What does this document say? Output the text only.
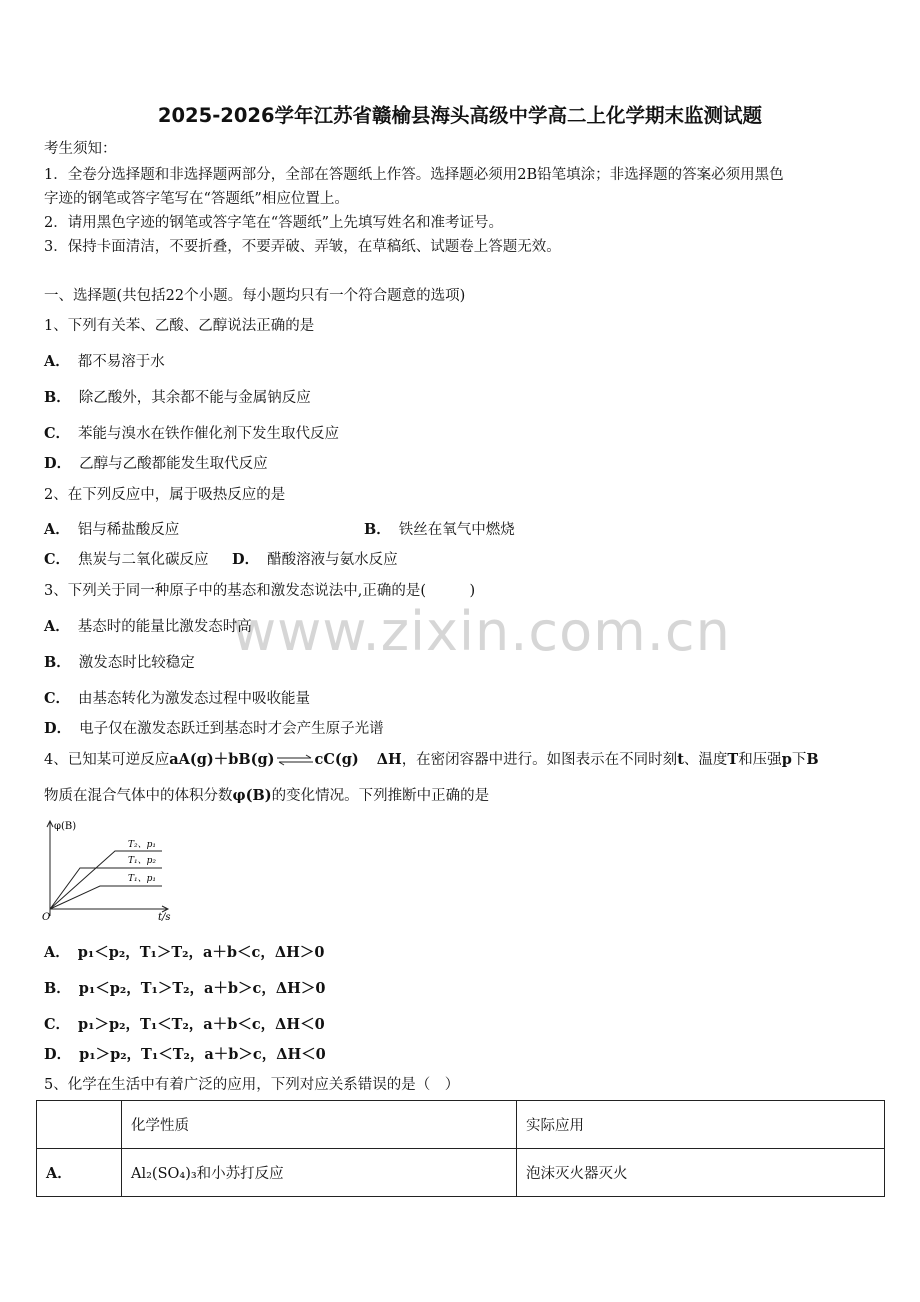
2025-2026学年江苏省赣榆县海头高级中学高二上化学期末监测试题
考生须知：
1．全卷分选择题和非选择题两部分，全部在答题纸上作答。选择题必须用2B铅笔填涂；非选择题的答案必须用黑色
字迹的钢笔或答字笔写在“答题纸”相应位置上。
2．请用黑色字迹的钢笔或答字笔在“答题纸”上先填写姓名和准考证号。
3．保持卡面清洁，不要折叠，不要弄破、弄皱，在草稿纸、试题卷上答题无效。
一、选择题(共包括22个小题。每小题均只有一个符合题意的选项)
www.zixin.com.cn
1、下列有关苯、乙酸、乙醇说法正确的是
A． 都不易溶于水
B． 除乙酸外，其余都不能与金属钠反应
C． 苯能与溴水在铁作催化剂下发生取代反应
D． 乙醇与乙酸都能发生取代反应
2、在下列反应中，属于吸热反应的是
A． 铝与稀盐酸反应	B． 铁丝在氧气中燃烧
C． 焦炭与二氧化碳反应 D． 醋酸溶液与氨水反应
3、下列关于同一种原子中的基态和激发态说法中,正确的是(　　　)
A． 基态时的能量比激发态时高
B． 激发态时比较稳定
C． 由基态转化为激发态过程中吸收能量
D． 电子仅在激发态跃迁到基态时才会产生原子光谱
4、已知某可逆反应aA(g)＋bB(g)⇌cC(g) ΔH，在密闭容器中进行。如图表示在不同时刻t、温度T和压强p下B
物质在混合气体中的体积分数φ(B)的变化情况。下列推断中正确的是
φ(B)
O	t/s
T₂、p₁
T₁、p₂
T₁、p₁
A． p₁＜p₂，T₁＞T₂，a＋b＜c，ΔH＞0
B． p₁＜p₂，T₁＞T₂，a＋b＞c，ΔH＞0
C． p₁＞p₂，T₁＜T₂，a＋b＜c，ΔH＜0
D． p₁＞p₂，T₁＜T₂，a＋b＞c，ΔH＜0
5、化学在生活中有着广泛的应用，下列对应关系错误的是（　）
	化学性质	实际应用
A．	Al₂(SO₄)₃和小苏打反应	泡沫灭火器灭火
